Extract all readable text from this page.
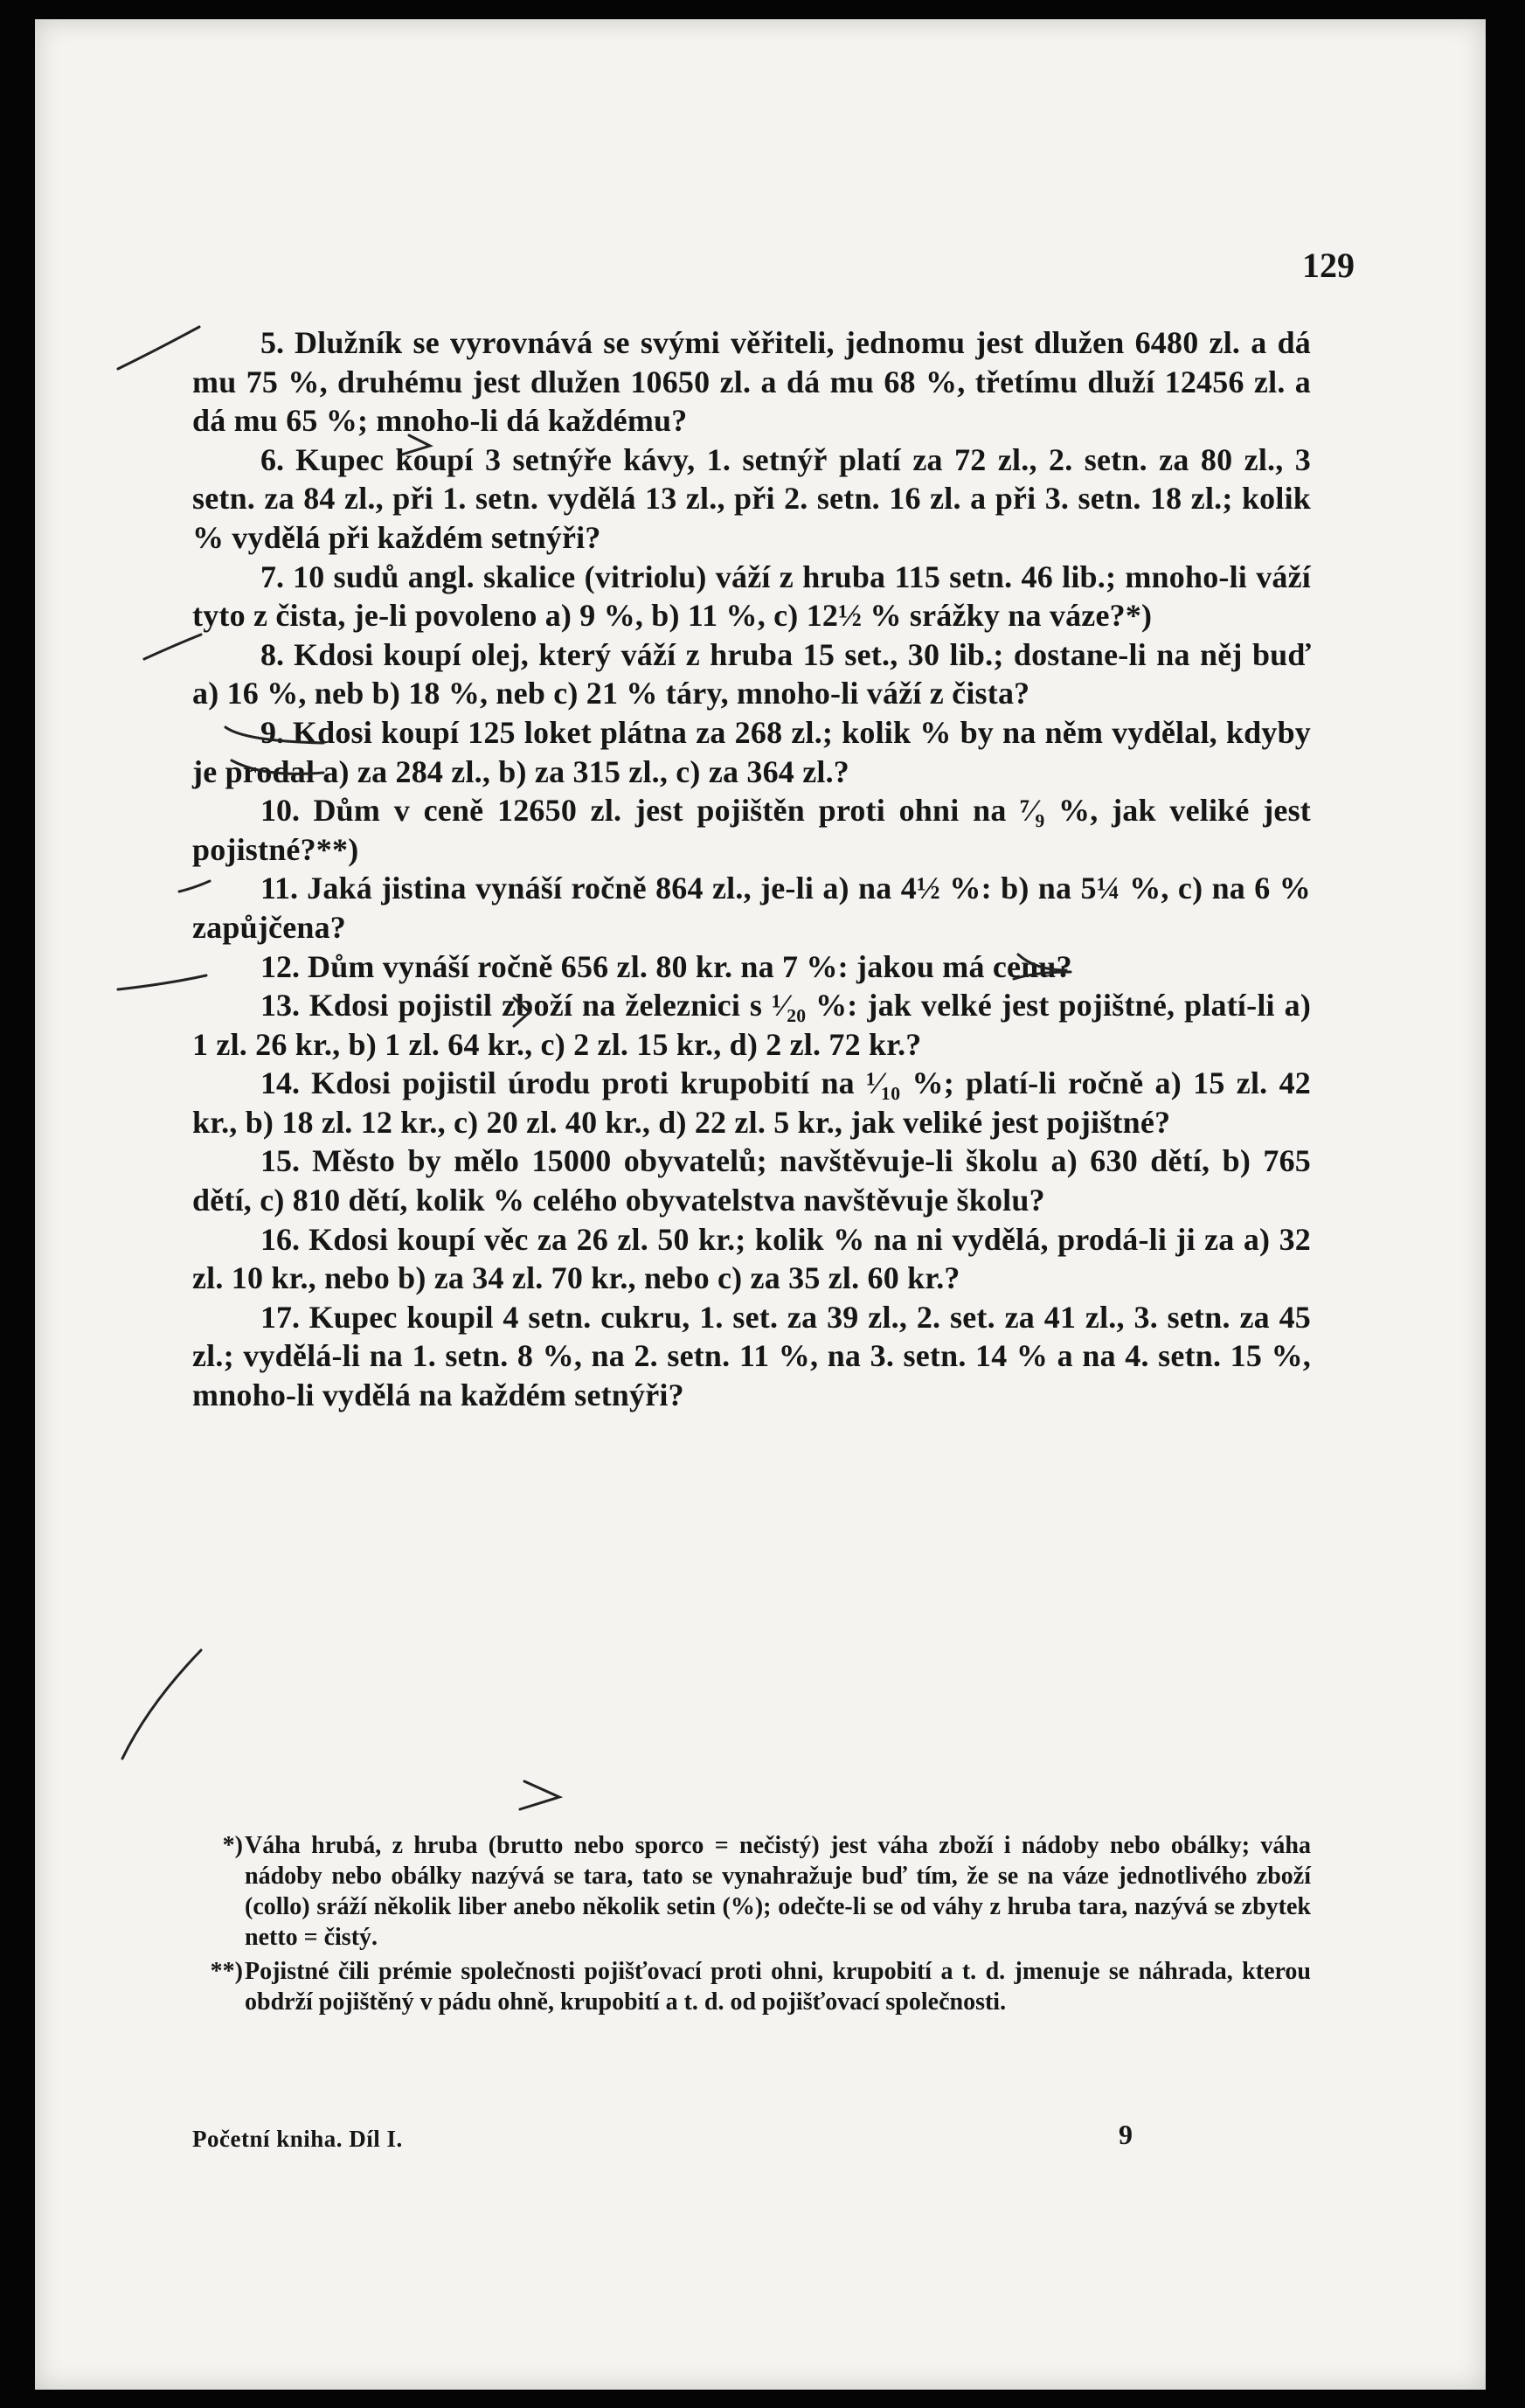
129

5. Dlužník se vyrovnává se svými věřiteli, jednomu jest dlužen 6480 zl. a dá mu 75 %, druhému jest dlužen 10650 zl. a dá mu 68 %, třetímu dluží 12456 zl. a dá mu 65 %; mnoho-li dá každému?

6. Kupec koupí 3 setnýře kávy, 1. setnýř platí za 72 zl., 2. setn. za 80 zl., 3 setn. za 84 zl., při 1. setn. vydělá 13 zl., při 2. setn. 16 zl. a při 3. setn. 18 zl.; kolik % vydělá při každém setnýři?

7. 10 sudů angl. skalice (vitriolu) váží z hruba 115 setn. 46 lib.; mnoho-li váží tyto z čista, je-li povoleno a) 9 %, b) 11 %, c) 12½ % srážky na váze?*)

8. Kdosi koupí olej, který váží z hruba 15 set., 30 lib.; dostane-li na něj buď a) 16 %, neb b) 18 %, neb c) 21 % táry, mnoho-li váží z čista?

9. Kdosi koupí 125 loket plátna za 268 zl.; kolik % by na něm vydělal, kdyby je prodal a) za 284 zl., b) za 315 zl., c) za 364 zl.?

10. Dům v ceně 12650 zl. jest pojištěn proti ohni na ⁷⁄₉ %, jak veliké jest pojistné?**)

11. Jaká jistina vynáší ročně 864 zl., je-li a) na 4½ %: b) na 5¼ %, c) na 6 % zapůjčena?

12. Dům vynáší ročně 656 zl. 80 kr. na 7 %: jakou má cenu?

13. Kdosi pojistil zboží na železnici s ¹⁄₂₀ %: jak velké jest pojištné, platí-li a) 1 zl. 26 kr., b) 1 zl. 64 kr., c) 2 zl. 15 kr., d) 2 zl. 72 kr.?

14. Kdosi pojistil úrodu proti krupobití na ¹⁄₁₀ %; platí-li ročně a) 15 zl. 42 kr., b) 18 zl. 12 kr., c) 20 zl. 40 kr., d) 22 zl. 5 kr., jak veliké jest pojištné?

15. Město by mělo 15000 obyvatelů; navštěvuje-li školu a) 630 dětí, b) 765 dětí, c) 810 dětí, kolik % celého obyvatelstva navštěvuje školu?

16. Kdosi koupí věc za 26 zl. 50 kr.; kolik % na ni vydělá, prodá-li ji za a) 32 zl. 10 kr., nebo b) za 34 zl. 70 kr., nebo c) za 35 zl. 60 kr.?

17. Kupec koupil 4 setn. cukru, 1. set. za 39 zl., 2. set. za 41 zl., 3. setn. za 45 zl.; vydělá-li na 1. setn. 8 %, na 2. setn. 11 %, na 3. setn. 14 % a na 4. setn. 15 %, mnoho-li vydělá na každém setnýři?

*)Váha hrubá, z hruba (brutto nebo sporco = nečistý) jest váha zboží i nádoby nebo obálky; váha nádoby nebo obálky nazývá se tara, tato se vynahražuje buď tím, že se na váze jednotlivého zboží (collo) sráží několik liber anebo několik setin (%); odečte-li se od váhy z hruba tara, nazývá se zbytek netto = čistý.

**)Pojistné čili prémie společnosti pojišťovací proti ohni, krupobití a t. d. jmenuje se náhrada, kterou obdrží pojištěný v pádu ohně, krupobití a t. d. od pojišťovací společnosti.

Početní kniha. Díl I.	9
